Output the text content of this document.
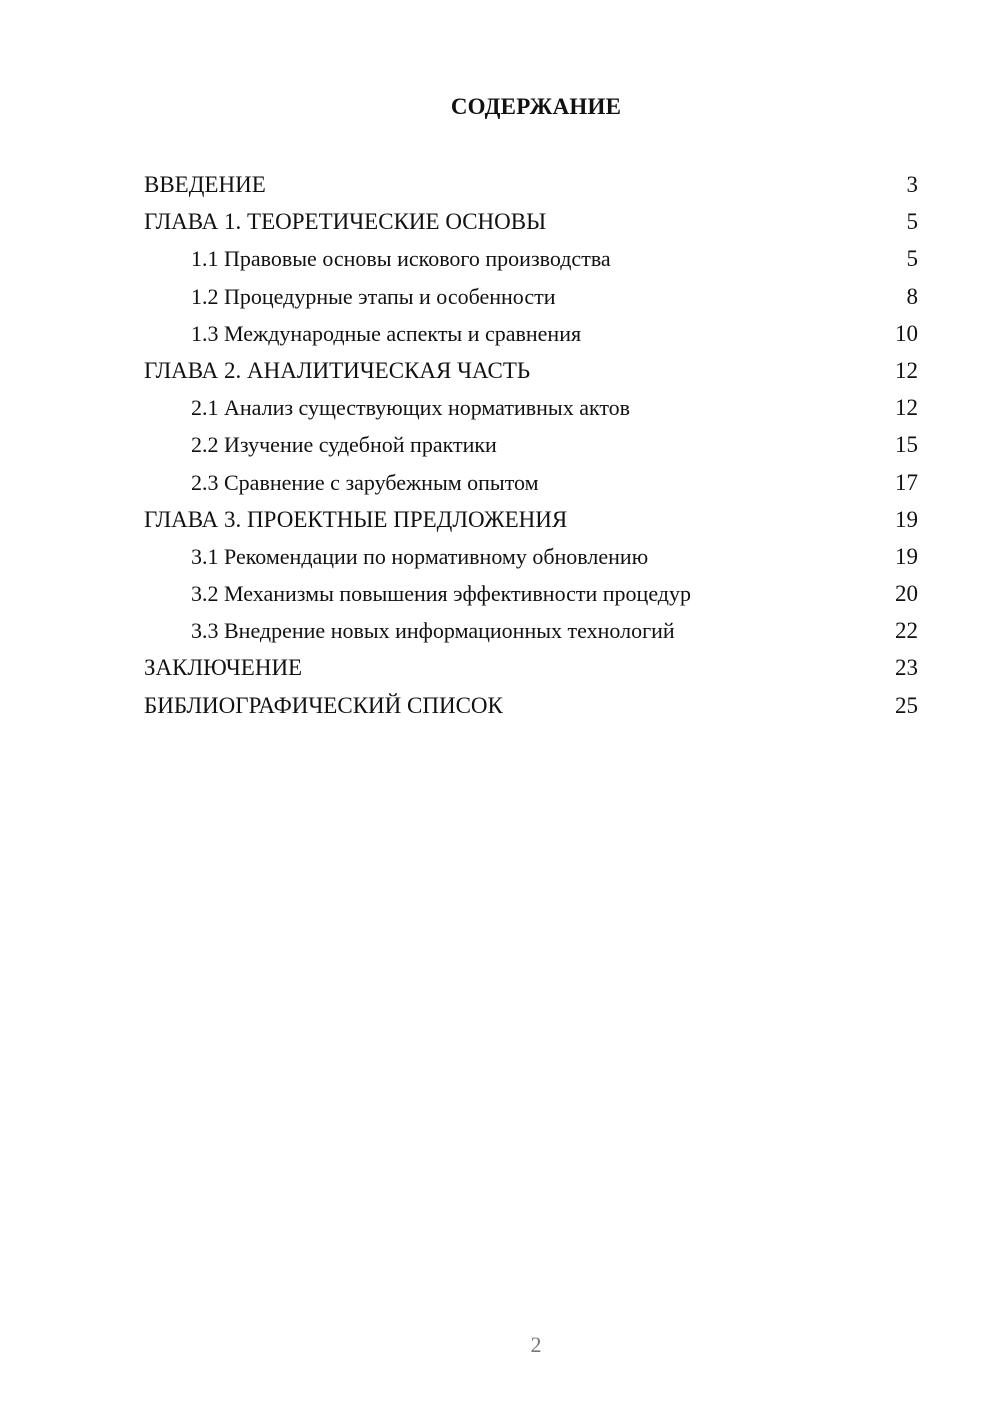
СОДЕРЖАНИЕ
ВВЕДЕНИЕ	3
ГЛАВА 1. ТЕОРЕТИЧЕСКИЕ ОСНОВЫ	5
1.1 Правовые основы искового производства	5
1.2 Процедурные этапы и особенности	8
1.3 Международные аспекты и сравнения	10
ГЛАВА 2. АНАЛИТИЧЕСКАЯ ЧАСТЬ	12
2.1 Анализ существующих нормативных актов	12
2.2 Изучение судебной практики	15
2.3 Сравнение с зарубежным опытом	17
ГЛАВА 3. ПРОЕКТНЫЕ ПРЕДЛОЖЕНИЯ	19
3.1 Рекомендации по нормативному обновлению	19
3.2 Механизмы повышения эффективности процедур	20
3.3 Внедрение новых информационных технологий	22
ЗАКЛЮЧЕНИЕ	23
БИБЛИОГРАФИЧЕСКИЙ СПИСОК	25
2
